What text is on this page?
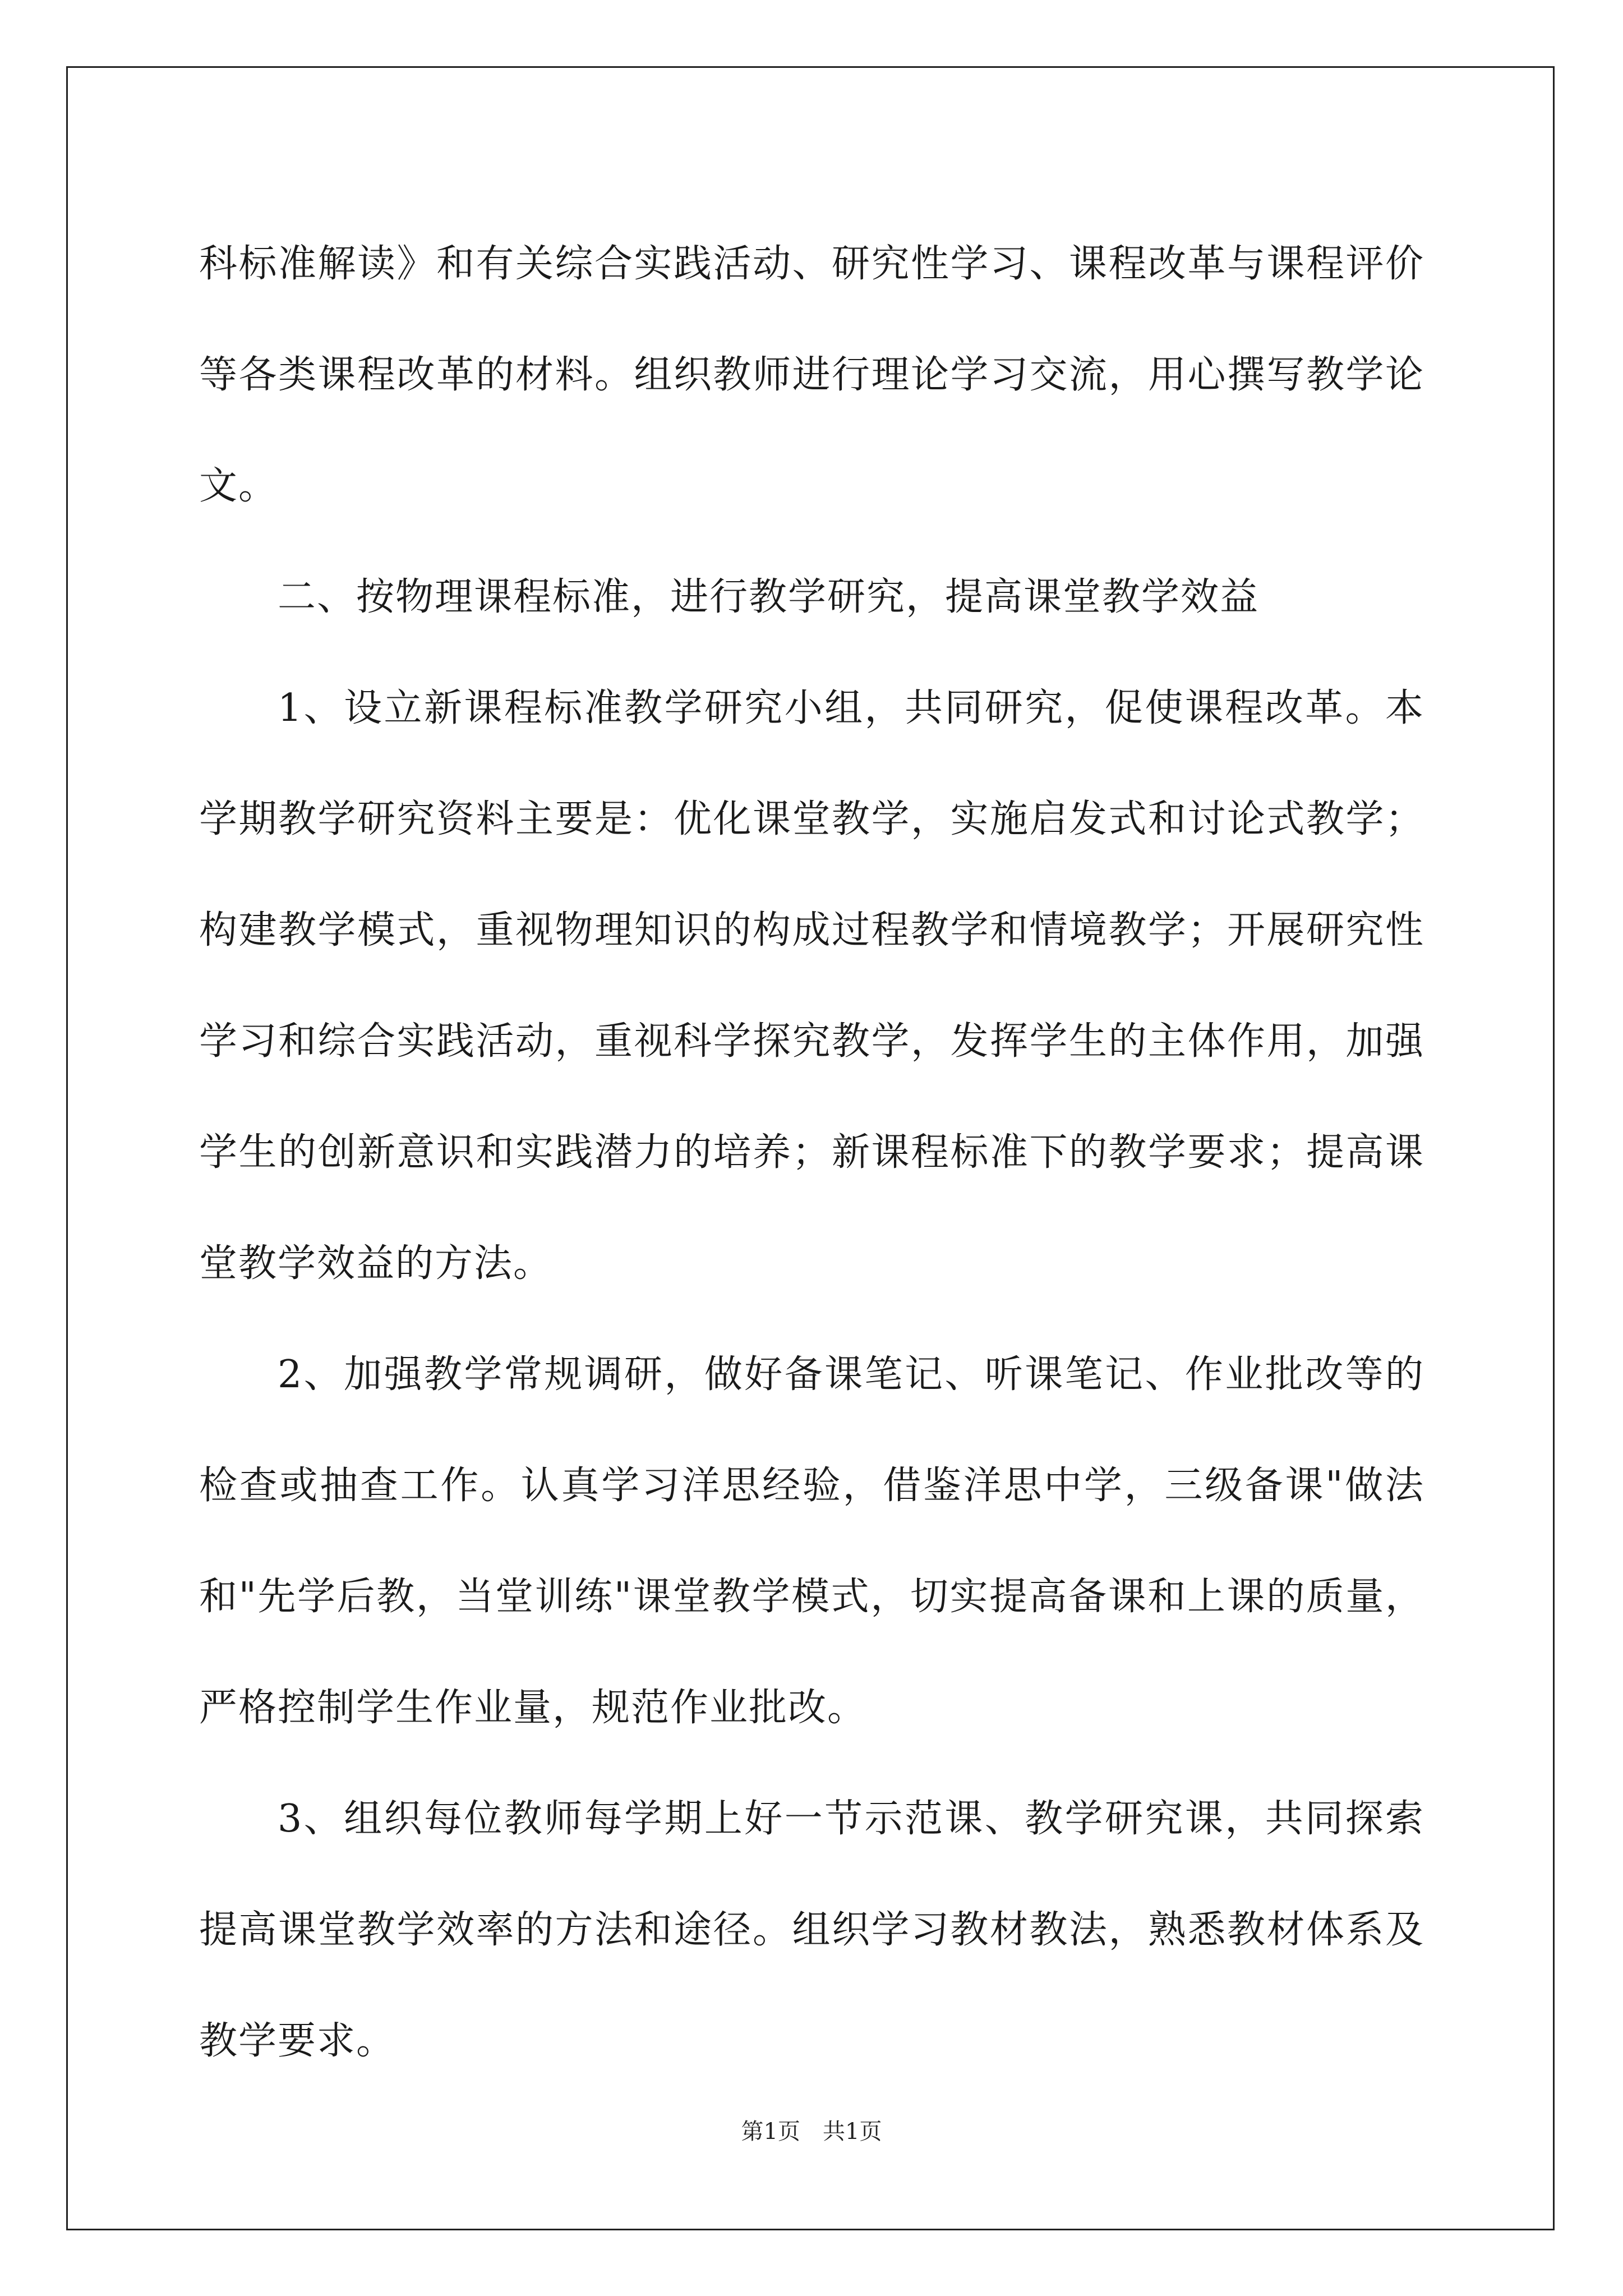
科标准解读》和有关综合实践活动、研究性学习、课程改革与课程评价等各类课程改革的材料。组织教师进行理论学习交流，用心撰写教学论文。

二、按物理课程标准，进行教学研究，提高课堂教学效益

1、设立新课程标准教学研究小组，共同研究，促使课程改革。本学期教学研究资料主要是：优化课堂教学，实施启发式和讨论式教学；构建教学模式，重视物理知识的构成过程教学和情境教学；开展研究性学习和综合实践活动，重视科学探究教学，发挥学生的主体作用，加强学生的创新意识和实践潜力的培养；新课程标准下的教学要求；提高课堂教学效益的方法。

2、加强教学常规调研，做好备课笔记、听课笔记、作业批改等的检查或抽查工作。认真学习洋思经验，借鉴洋思中学，三级备课"做法和"先学后教，当堂训练"课堂教学模式，切实提高备课和上课的质量，严格控制学生作业量，规范作业批改。

3、组织每位教师每学期上好一节示范课、教学研究课，共同探索提高课堂教学效率的方法和途径。组织学习教材教法，熟悉教材体系及教学要求。

第1页　共1页
